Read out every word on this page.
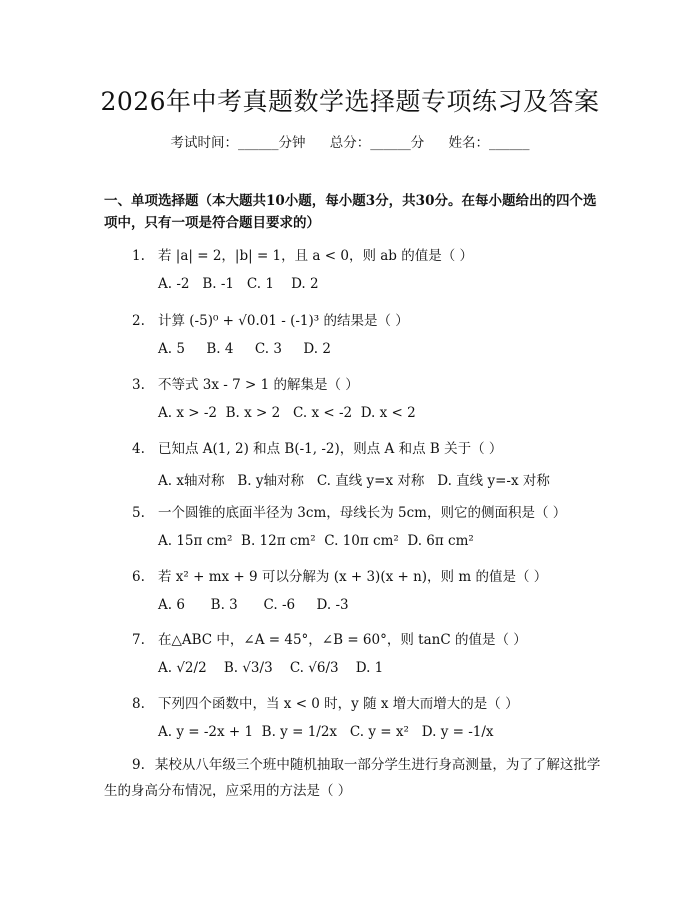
2026年中考真题数学选择题专项练习及答案
考试时间：______分钟 总分：______分 姓名：______
一、单项选择题（本大题共10小题，每小题3分，共30分。在每小题给出的四个选项中，只有一项是符合题目要求的）
1. 若 |a| = 2，|b| = 1，且 a < 0，则 ab 的值是（ ）
A. -2   B. -1   C. 1    D. 2
2. 计算 (-5)⁰ + √0.01 - (-1)³ 的结果是（ ）
A. 5     B. 4     C. 3     D. 2
3. 不等式 3x - 7 > 1 的解集是（ ）
A. x > -2  B. x > 2   C. x < -2  D. x < 2
4. 已知点 A(1, 2) 和点 B(-1, -2)，则点 A 和点 B 关于（ ）
A. x轴对称   B. y轴对称   C. 直线 y=x 对称   D. 直线 y=-x 对称
5. 一个圆锥的底面半径为 3cm，母线长为 5cm，则它的侧面积是（ ）
A. 15π cm²  B. 12π cm²  C. 10π cm²  D. 6π cm²
6. 若 x² + mx + 9 可以分解为 (x + 3)(x + n)，则 m 的值是（ ）
A. 6      B. 3      C. -6     D. -3
7. 在△ABC 中，∠A = 45°，∠B = 60°，则 tanC 的值是（ ）
A. √2/2    B. √3/3    C. √6/3    D. 1
8. 下列四个函数中，当 x < 0 时，y 随 x 增大而增大的是（ ）
A. y = -2x + 1  B. y = 1/2x   C. y = x²   D. y = -1/x
9. 某校从八年级三个班中随机抽取一部分学生进行身高测量，为了了解这批学生的身高分布情况，应采用的方法是（ ）
